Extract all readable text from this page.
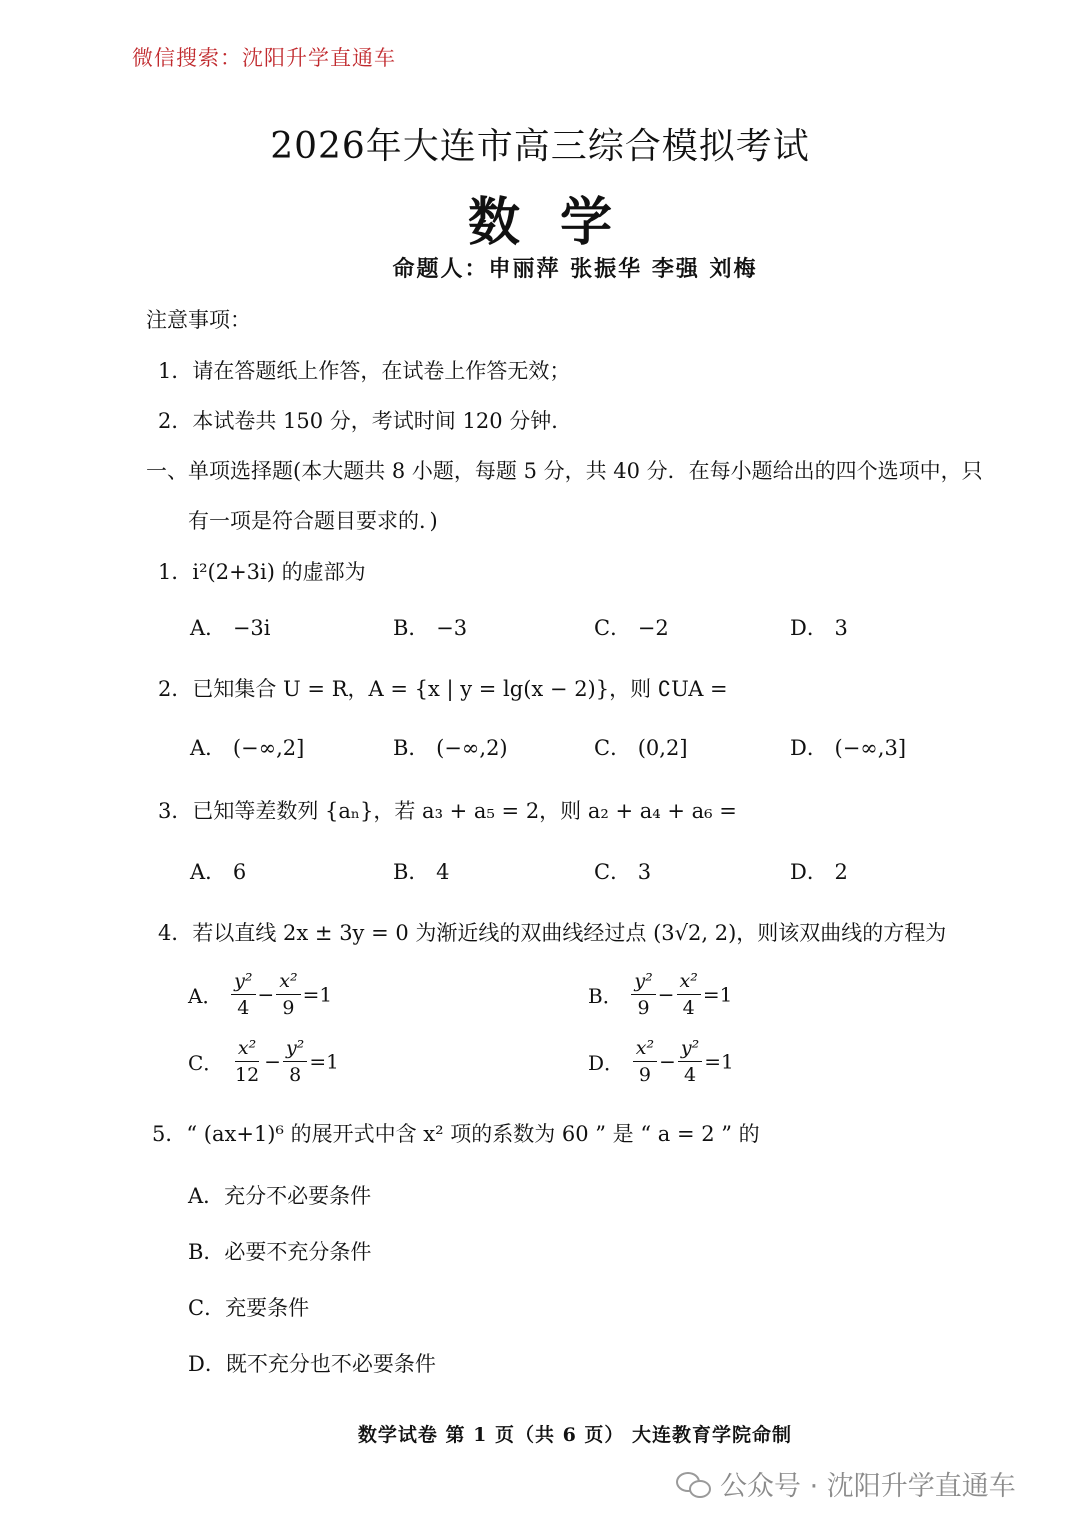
微信搜索：沈阳升学直通车
2026年大连市高三综合模拟考试
数学
命题人：申丽萍 张振华 李强 刘梅
注意事项：
1．请在答题纸上作答，在试卷上作答无效；
2．本试卷共 150 分，考试时间 120 分钟．
一、单项选择题(本大题共 8 小题，每题 5 分，共 40 分．在每小题给出的四个选项中，只
有一项是符合题目要求的．)
1．i²(2+3i) 的虚部为
A． −3i	B． −3	C． −2	D． 3
2．已知集合 U = R，A = {x | y = lg(x − 2)}，则 ∁UA =
A． (−∞,2]	B． (−∞,2)	C． (0,2]	D． (−∞,3]
3．已知等差数列 {aₙ}，若 a₃ + a₅ = 2，则 a₂ + a₄ + a₆ =
A． 6	B． 4	C． 3	D． 2
4．若以直线 2x ± 3y = 0 为渐近线的双曲线经过点 (3√2, 2)，则该双曲线的方程为
A． $\frac{\text{y²}}{4} - \frac{\text{x²}}{9} =1$	B． $\frac{\text{y²}}{9} - \frac{\text{x²}}{4} =1$
C． $\frac{\text{x²}}{12} - \frac{\text{y²}}{8} =1$	D． $\frac{\text{x²}}{9} - \frac{\text{y²}}{4} =1$
5．“ (ax+1)⁶ 的展开式中含 x² 项的系数为 60 ” 是 “ a = 2 ” 的
A．充分不必要条件
B．必要不充分条件
C．充要条件
D．既不充分也不必要条件
数学试卷 第 1 页（共 6 页） 大连教育学院命制
公众号 · 沈阳升学直通车
